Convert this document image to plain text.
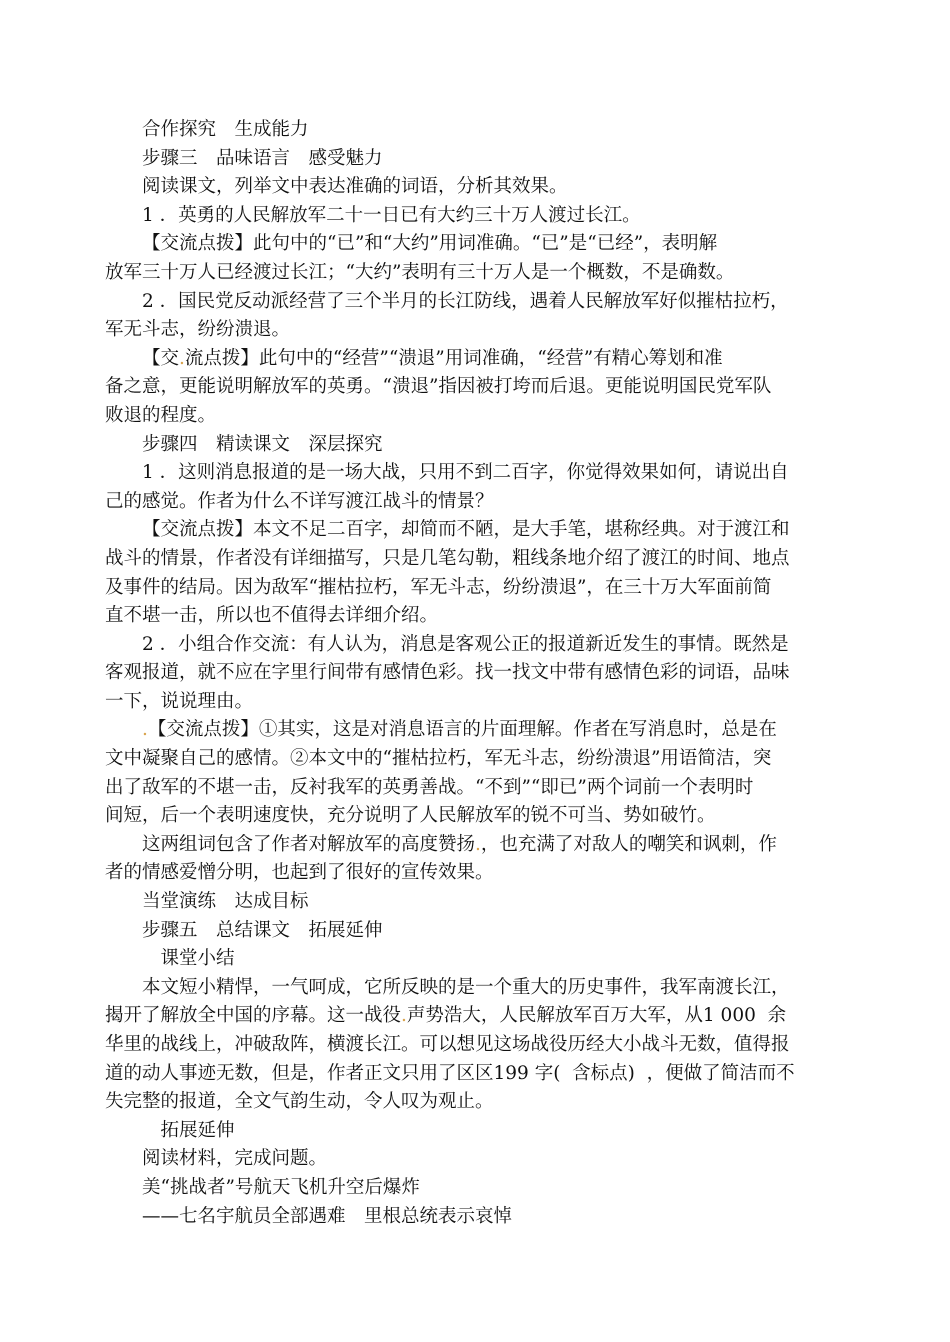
合作探究　生成能力
步骤三　品味语言　感受魅力
阅读课文，列举文中表达准确的词语，分析其效果。
1 ．英勇的人民解放军二十一日已有大约三十万人渡过长江。
【交流点拨】此句中的“已”和“大约”用词准确。“已”是“已经”，表明解
放军三十万人已经渡过长江；“大约”表明有三十万人是一个概数，不是确数。
2 ．国民党反动派经营了三个半月的长江防线，遇着人民解放军好似摧枯拉朽，
军无斗志，纷纷溃退。
【交.流点拨】此句中的“经营”“溃退”用词准确，“经营”有精心筹划和准
备之意，更能说明解放军的英勇。“溃退”指因被打垮而后退。更能说明国民党军队
败退的程度。
步骤四　精读课文　深层探究
1 ．这则消息报道的是一场大战，只用不到二百字，你觉得效果如何，请说出自
己的感觉。作者为什么不详写渡江战斗的情景？
【交流点拨】本文不足二百字，却简而不陋，是大手笔，堪称经典。对于渡江和
战斗的情景，作者没有详细描写，只是几笔勾勒，粗线条地介绍了渡江的时间、地点
及事件的结局。因为敌军“摧枯拉朽，军无斗志，纷纷溃退”，在三十万大军面前简
直不堪一击，所以也不值得去详细介绍。
2 ．小组合作交流：有人认为，消息是客观公正的报道新近发生的事情。既然是
客观报道，就不应在字里行间带有感情色彩。找一找文中带有感情色彩的词语，品味
一下，说说理由。
.【交流点拨】①其实，这是对消息语言的片面理解。作者在写消息时，总是在
文中凝聚自己的感情。②本文中的“摧枯拉朽，军无斗志，纷纷溃退”用语简洁，突
出了敌军的不堪一击，反衬我军的英勇善战。“不到”“即已”两个词前一个表明时
间短，后一个表明速度快，充分说明了人民解放军的锐不可当、势如破竹。
这两组词包含了作者对解放军的高度赞扬.，也充满了对敌人的嘲笑和讽刺，作
者的情感爱憎分明，也起到了很好的宣传效果。
当堂演练　达成目标
步骤五　总结课文　拓展延伸
课堂小结
本文短小精悍，一气呵成，它所反映的是一个重大的历史事件，我军南渡长江，
揭开了解放全中国的序幕。这一战役.声势浩大，人民解放军百万大军，从1 000  余
华里的战线上，冲破敌阵，横渡长江。可以想见这场战役历经大小战斗无数，值得报
道的动人事迹无数，但是，作者正文只用了区区199 字(  含标点)  ，便做了简洁而不
失完整的报道，全文气韵生动，令人叹为观止。
拓展延伸
阅读材料，完成问题。
美“挑战者”号航天飞机升空后爆炸
——七名宇航员全部遇难　里根总统表示哀悼
